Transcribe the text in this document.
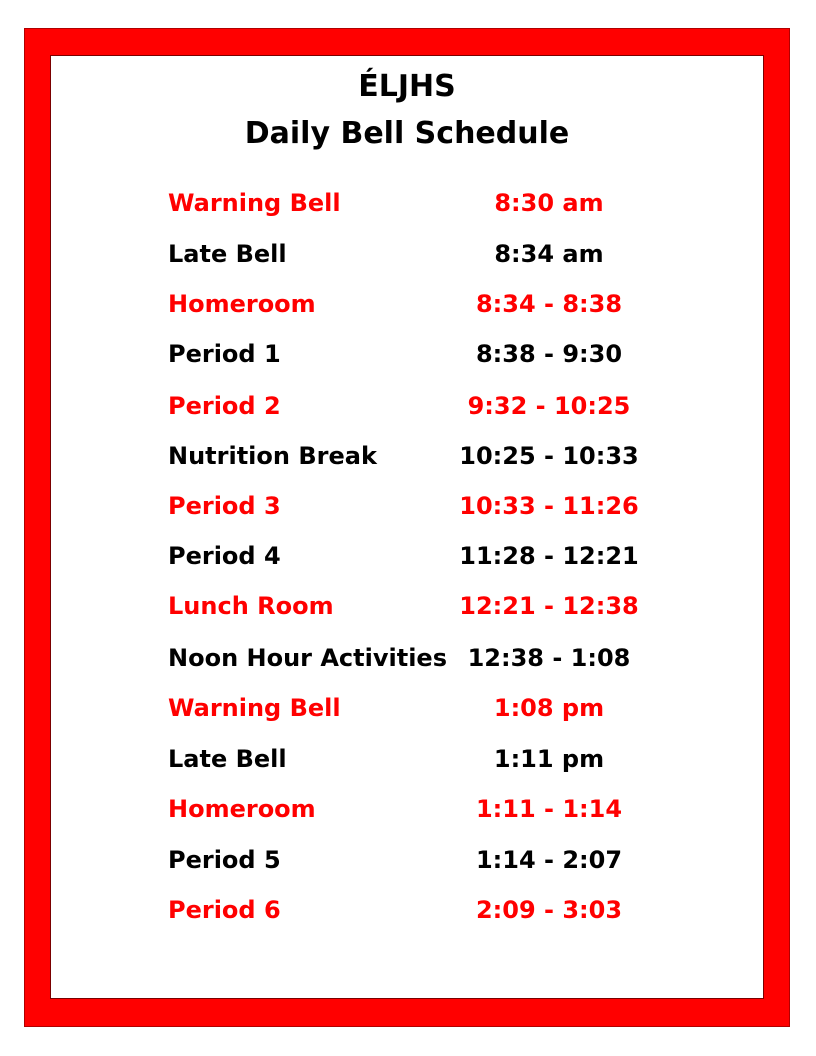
ÉLJHS
Daily Bell Schedule
Warning Bell	8:30 am
Late Bell	8:34 am
Homeroom	8:34 - 8:38
Period 1	8:38 - 9:30
Period 2	9:32 - 10:25
Nutrition Break	10:25 - 10:33
Period 3	10:33 - 11:26
Period 4	11:28 - 12:21
Lunch Room	12:21 - 12:38
Noon Hour Activities 12:38 - 1:08
Warning Bell	1:08 pm
Late Bell	1:11 pm
Homeroom	1:11 - 1:14
Period 5	1:14 - 2:07
Period 6	2:09 - 3:03
